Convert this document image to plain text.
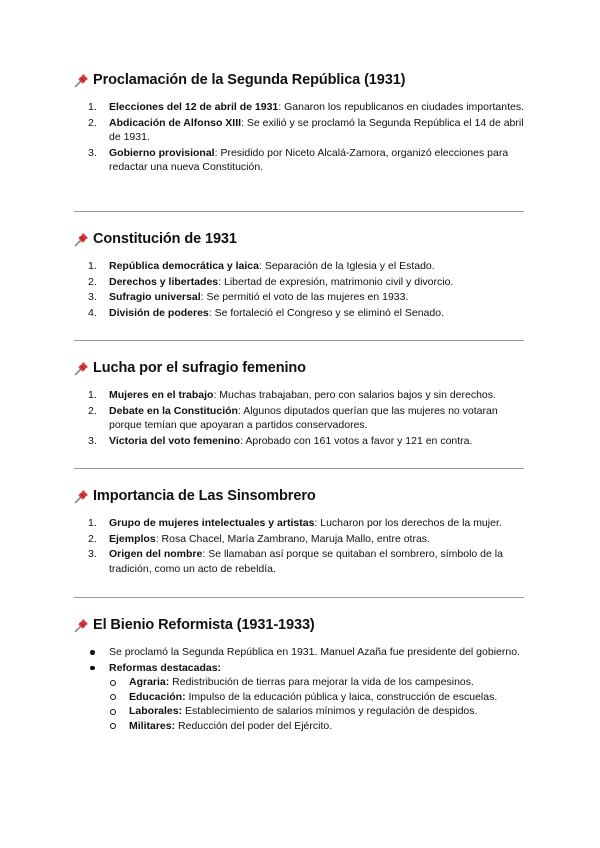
Proclamación de la Segunda República (1931)
1. Elecciones del 12 de abril de 1931: Ganaron los republicanos en ciudades importantes.
2. Abdicación de Alfonso XIII: Se exilió y se proclamó la Segunda República el 14 de abril de 1931.
3. Gobierno provisional: Presidido por Niceto Alcalá-Zamora, organizó elecciones para redactar una nueva Constitución.
Constitución de 1931
1. República democrática y laica: Separación de la Iglesia y el Estado.
2. Derechos y libertades: Libertad de expresión, matrimonio civil y divorcio.
3. Sufragio universal: Se permitió el voto de las mujeres en 1933.
4. División de poderes: Se fortaleció el Congreso y se eliminó el Senado.
Lucha por el sufragio femenino
1. Mujeres en el trabajo: Muchas trabajaban, pero con salarios bajos y sin derechos.
2. Debate en la Constitución: Algunos diputados querían que las mujeres no votaran porque temían que apoyaran a partidos conservadores.
3. Victoria del voto femenino: Aprobado con 161 votos a favor y 121 en contra.
Importancia de Las Sinsombrero
1. Grupo de mujeres intelectuales y artistas: Lucharon por los derechos de la mujer.
2. Ejemplos: Rosa Chacel, María Zambrano, Maruja Mallo, entre otras.
3. Origen del nombre: Se llamaban así porque se quitaban el sombrero, símbolo de la tradición, como un acto de rebeldía.
El Bienio Reformista (1931-1933)
Se proclamó la Segunda República en 1931. Manuel Azaña fue presidente del gobierno.
Reformas destacadas:
Agraria: Redistribución de tierras para mejorar la vida de los campesinos.
Educación: Impulso de la educación pública y laica, construcción de escuelas.
Laborales: Establecimiento de salarios mínimos y regulación de despidos.
Militares: Reducción del poder del Ejército.
